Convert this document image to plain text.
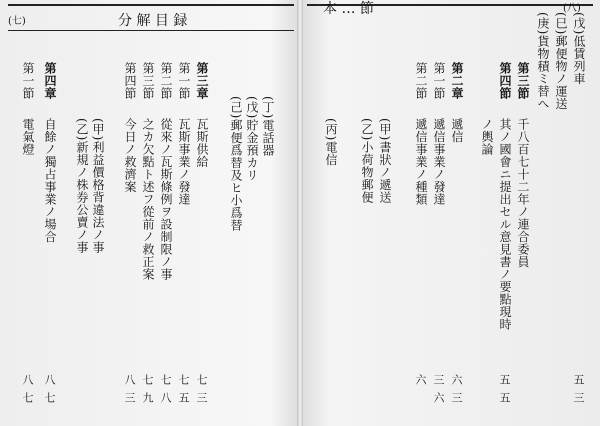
(七)	分 解 目 録
第三章
瓦斯供給
七
三
第一節
瓦斯事業ノ發達
七
五
第二節
從來ノ瓦斯條例ヲ設制限ノ事
七
八
第三節
之カ欠點ト述フ從前ノ救正案
七
九
第四節
今日ノ救濟案
八
三
(丁)電話器
(戊)貯金預カリ
(己)郵便爲替及ヒ小爲替
(甲)利益價格背違法ノ事
(乙)新規ノ株券公賣ノ事
第四章
自餘ノ獨占事業ノ場合
八
七
第一節
電氣燈
八
七
本 … 節	(八)
(戊)低賃列車
(巳)郵便物ノ運送
(庚)貨物積ミ替へ
五
三
第三節
千八百七十二年ノ連合委員
第四節
其ノ國會ニ提出セル意見書ノ要點現時
ノ輿論
五
五
第二章
遞信
六
三
第一節
遞信事業ノ發達
三
六
第二節
遞信事業ノ種類
六
(甲)書狀ノ遞送
(乙)小荷物郵便
(丙)電信
